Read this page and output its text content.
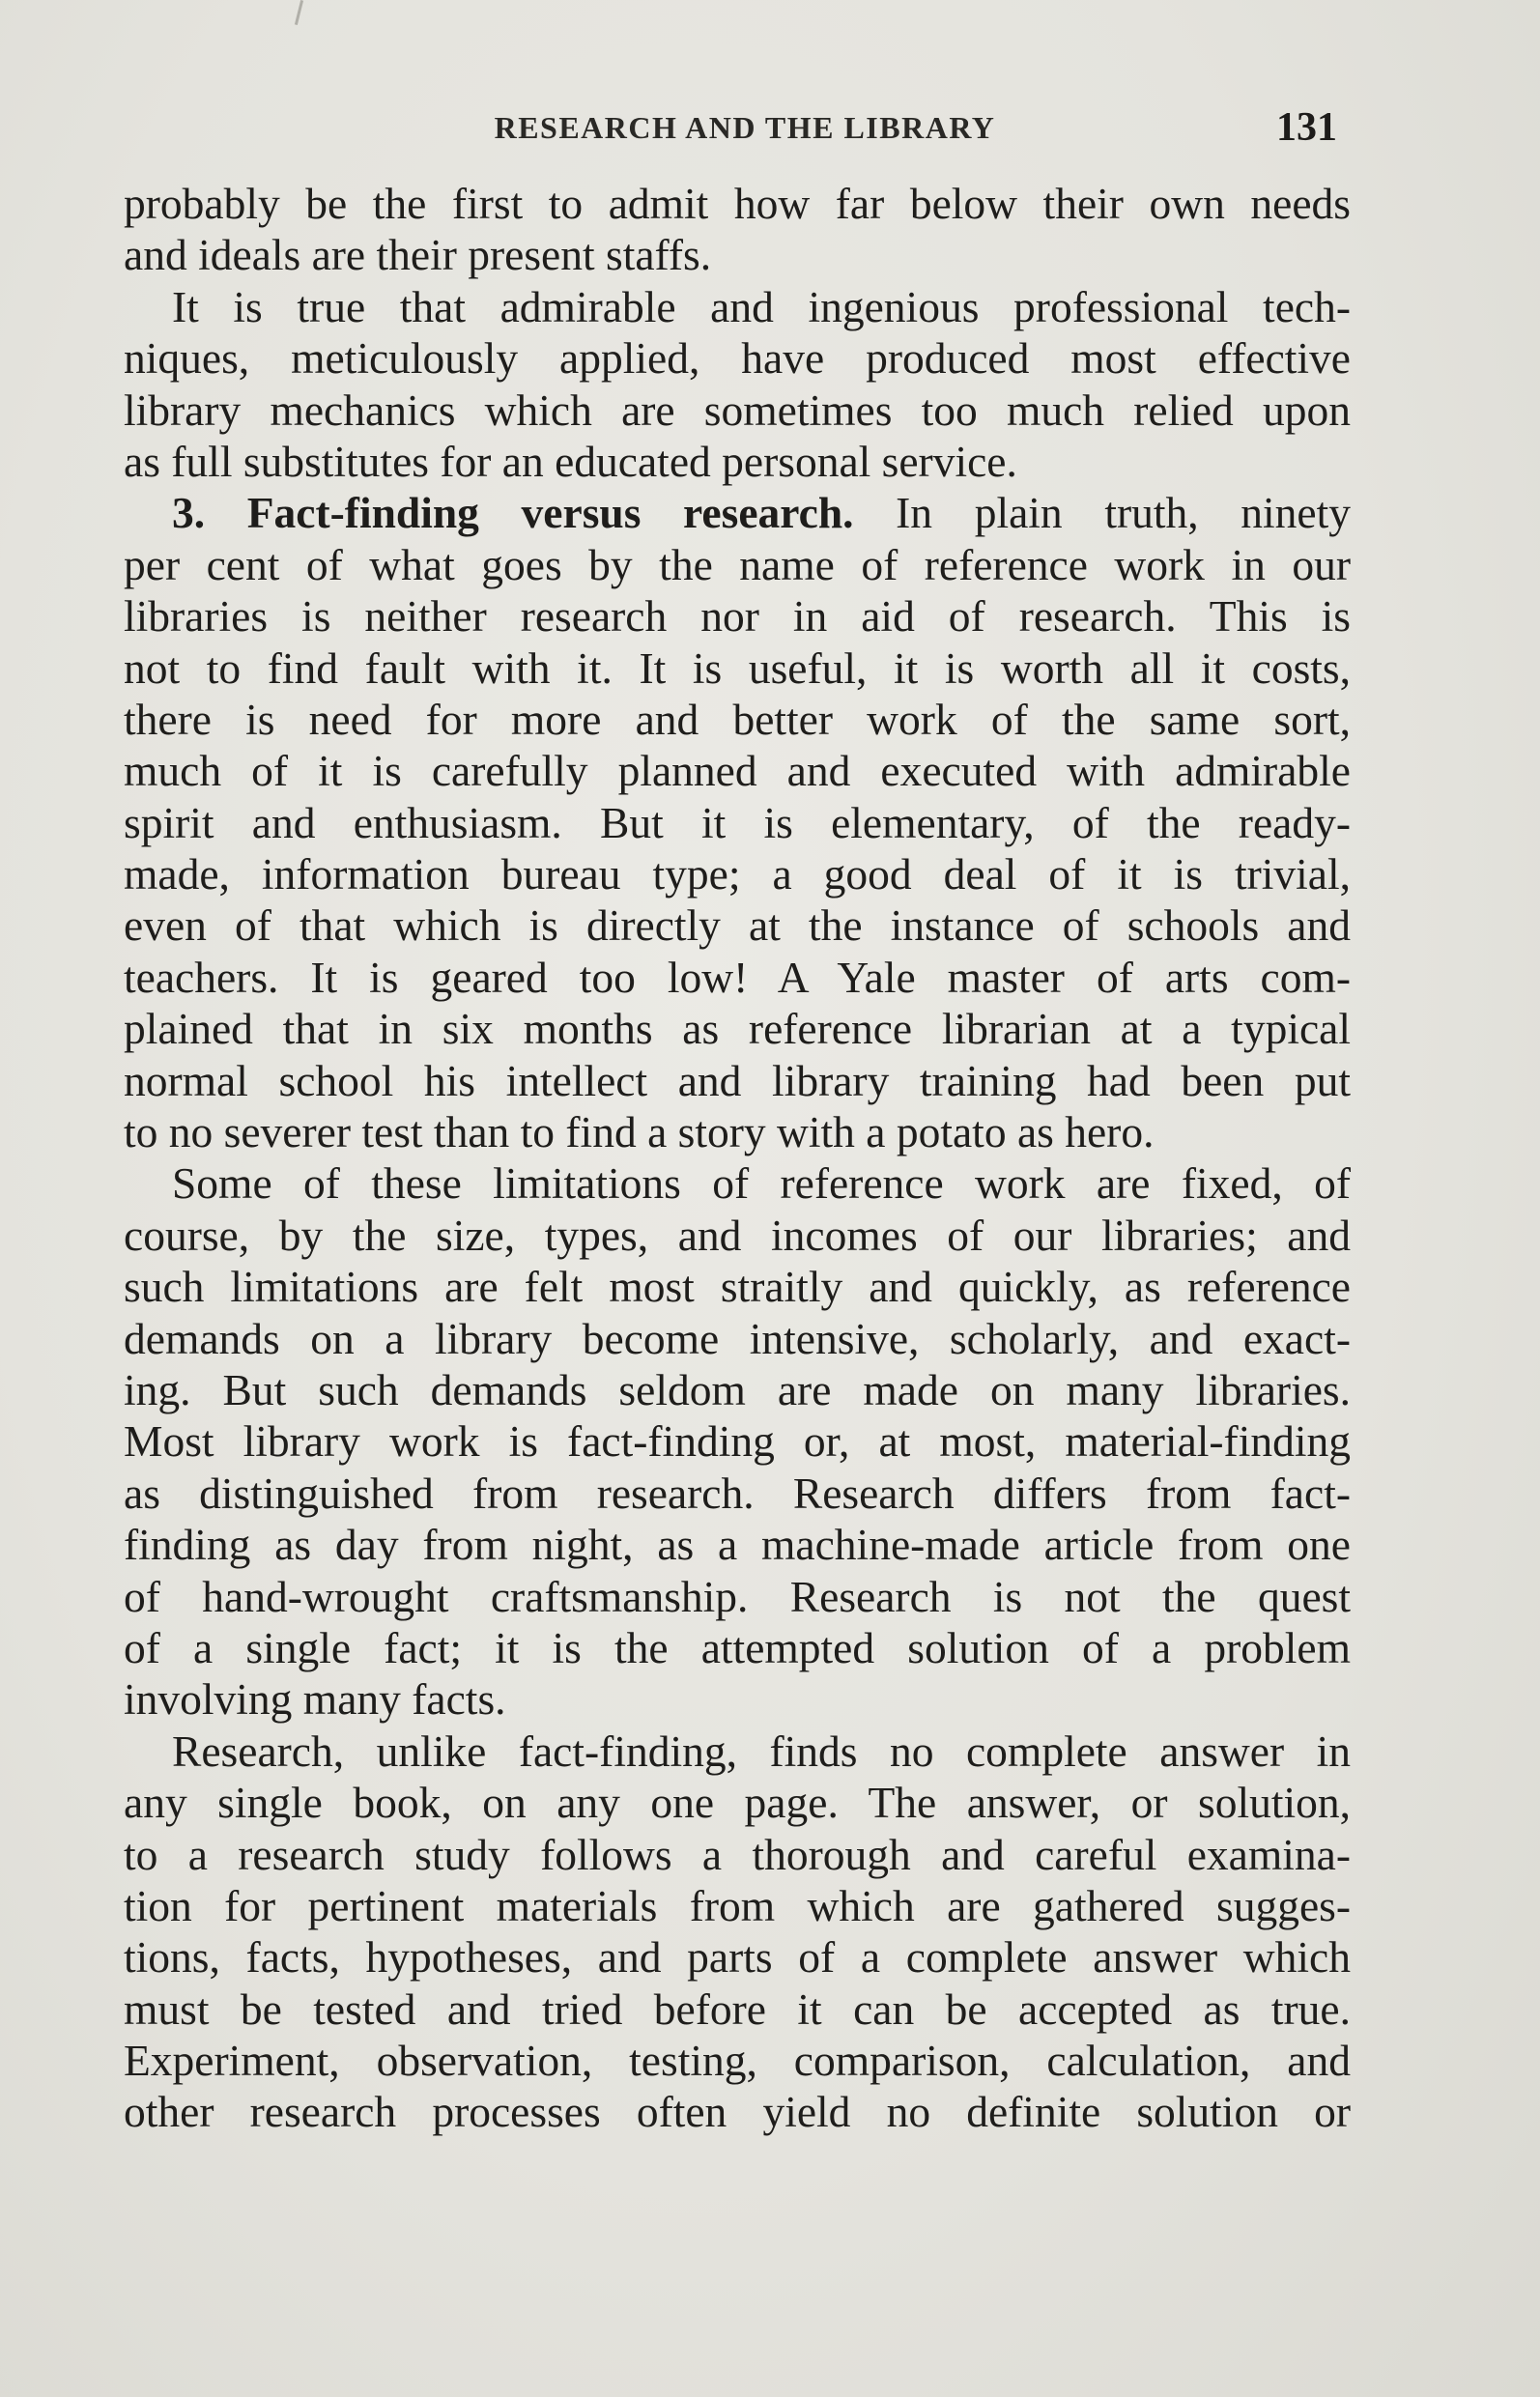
RESEARCH AND THE LIBRARY	131
probably be the first to admit how far below their own needs
and ideals are their present staffs.
It is true that admirable and ingenious professional tech-
niques, meticulously applied, have produced most effective
library mechanics which are sometimes too much relied upon
as full substitutes for an educated personal service.
3. Fact-finding versus research. In plain truth, ninety
per cent of what goes by the name of reference work in our
libraries is neither research nor in aid of research. This is
not to find fault with it. It is useful, it is worth all it costs,
there is need for more and better work of the same sort,
much of it is carefully planned and executed with admirable
spirit and enthusiasm. But it is elementary, of the ready-
made, information bureau type; a good deal of it is trivial,
even of that which is directly at the instance of schools and
teachers. It is geared too low! A Yale master of arts com-
plained that in six months as reference librarian at a typical
normal school his intellect and library training had been put
to no severer test than to find a story with a potato as hero.
Some of these limitations of reference work are fixed, of
course, by the size, types, and incomes of our libraries; and
such limitations are felt most straitly and quickly, as reference
demands on a library become intensive, scholarly, and exact-
ing. But such demands seldom are made on many libraries.
Most library work is fact-finding or, at most, material-finding
as distinguished from research. Research differs from fact-
finding as day from night, as a machine-made article from one
of hand-wrought craftsmanship. Research is not the quest
of a single fact; it is the attempted solution of a problem
involving many facts.
Research, unlike fact-finding, finds no complete answer in
any single book, on any one page. The answer, or solution,
to a research study follows a thorough and careful examina-
tion for pertinent materials from which are gathered sugges-
tions, facts, hypotheses, and parts of a complete answer which
must be tested and tried before it can be accepted as true.
Experiment, observation, testing, comparison, calculation, and
other research processes often yield no definite solution or
